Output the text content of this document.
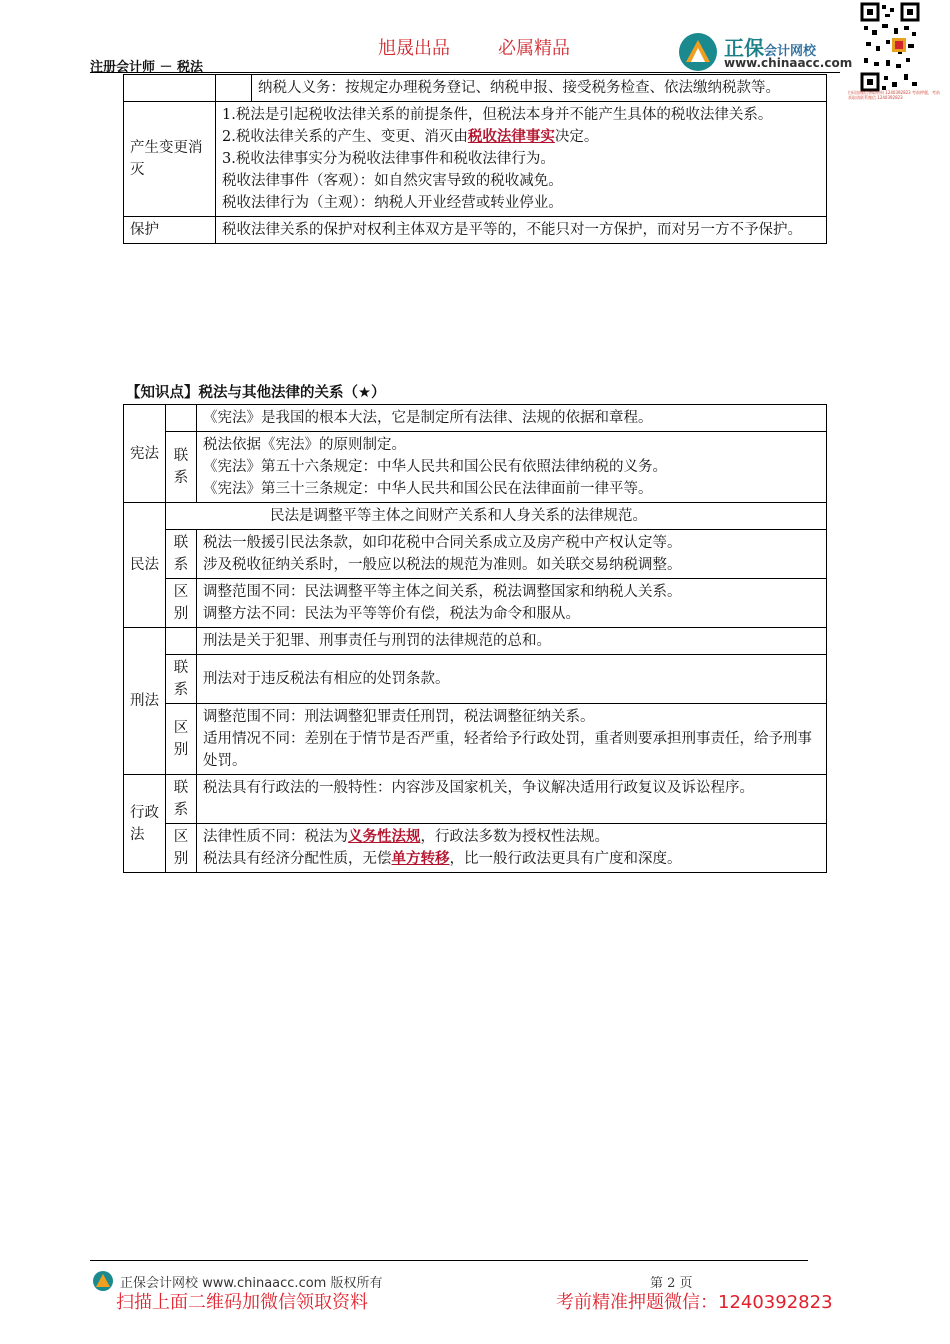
注册会计师 － 税法
旭晟出品	必属精品	正保会计网校
www.chinaacc.com
扫码加微信领取资料 1240392823 考前押题，考前获取请联系微信 1240392823
		纳税人义务：按规定办理税务登记、纳税申报、接受税务检查、依法缴纳税款等。
产生变更消灭	1.税法是引起税收法律关系的前提条件，但税法本身并不能产生具体的税收法律关系。
2.税收法律关系的产生、变更、消灭由税收法律事实决定。
3.税收法律事实分为税收法律事件和税收法律行为。
税收法律事件（客观）：如自然灾害导致的税收减免。
税收法律行为（主观）：纳税人开业经营或转业停业。	

保护	税收法律关系的保护对权利主体双方是平等的，不能只对一方保护，而对另一方不予保护。	
【知识点】税法与其他法律的关系（★）
宪法		《宪法》是我国的根本大法，它是制定所有法律、法规的依据和章程。
	联系	税法依据《宪法》的原则制定。
《宪法》第五十六条规定：中华人民共和国公民有依照法律纳税的义务。
《宪法》第三十三条规定：中华人民共和国公民在法律面前一律平等。

民法	民法是调整平等主体之间财产关系和人身关系的法律规范。	
	联系	税法一般援引民法条款，如印花税中合同关系成立及房产税中产权认定等。
涉及税收征纳关系时，一般应以税法的规范为准则。如关联交易纳税调整。

	区别	调整范围不同：民法调整平等主体之间关系，税法调整国家和纳税人关系。
调整方法不同：民法为平等等价有偿，税法为命令和服从。

刑法		刑法是关于犯罪、刑事责任与刑罚的法律规范的总和。
	联系	刑法对于违反税法有相应的处罚条款。
	区别	调整范围不同：刑法调整犯罪责任刑罚，税法调整征纳关系。
适用情况不同：差别在于情节是否严重，轻者给予行政处罚，重者则要承担刑事责任，给予刑事处罚。

行政法	联系	税法具有行政法的一般特性：内容涉及国家机关，争议解决适用行政复议及诉讼程序。
	区别	法律性质不同：税法为义务性法规，行政法多数为授权性法规。
税法具有经济分配性质，无偿单方转移，比一般行政法更具有广度和深度。
正保会计网校 www.chinaacc.com 版权所有	第 2 页
扫描上面二维码加微信领取资料	考前精准押题微信：1240392823
